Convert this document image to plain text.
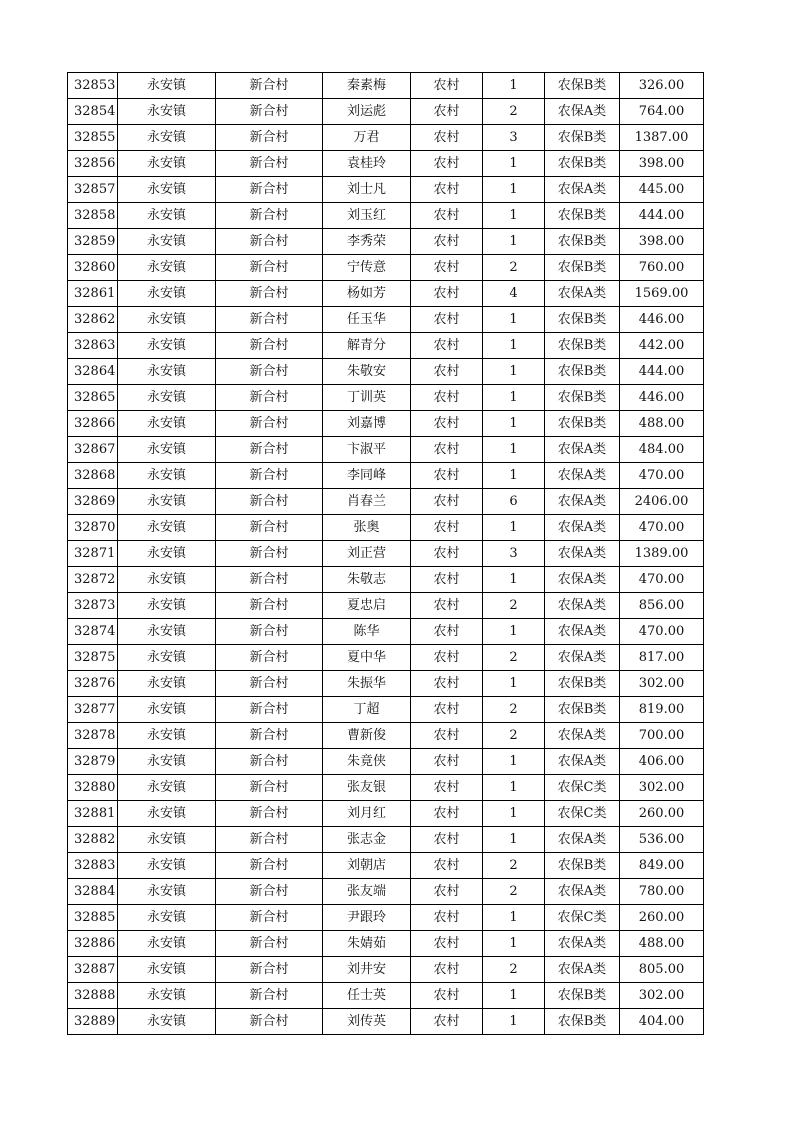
32853	永安镇	新合村	秦素梅	农村	1	农保B类	326.00
32854	永安镇	新合村	刘运彪	农村	2	农保A类	764.00
32855	永安镇	新合村	万君	农村	3	农保B类	1387.00
32856	永安镇	新合村	袁桂玲	农村	1	农保B类	398.00
32857	永安镇	新合村	刘士凡	农村	1	农保A类	445.00
32858	永安镇	新合村	刘玉红	农村	1	农保B类	444.00
32859	永安镇	新合村	李秀荣	农村	1	农保B类	398.00
32860	永安镇	新合村	宁传意	农村	2	农保B类	760.00
32861	永安镇	新合村	杨如芳	农村	4	农保A类	1569.00
32862	永安镇	新合村	任玉华	农村	1	农保B类	446.00
32863	永安镇	新合村	解青分	农村	1	农保B类	442.00
32864	永安镇	新合村	朱敬安	农村	1	农保B类	444.00
32865	永安镇	新合村	丁训英	农村	1	农保B类	446.00
32866	永安镇	新合村	刘嘉博	农村	1	农保B类	488.00
32867	永安镇	新合村	卞淑平	农村	1	农保A类	484.00
32868	永安镇	新合村	李同峰	农村	1	农保A类	470.00
32869	永安镇	新合村	肖春兰	农村	6	农保A类	2406.00
32870	永安镇	新合村	张奥	农村	1	农保A类	470.00
32871	永安镇	新合村	刘正营	农村	3	农保A类	1389.00
32872	永安镇	新合村	朱敬志	农村	1	农保A类	470.00
32873	永安镇	新合村	夏忠启	农村	2	农保A类	856.00
32874	永安镇	新合村	陈华	农村	1	农保A类	470.00
32875	永安镇	新合村	夏中华	农村	2	农保A类	817.00
32876	永安镇	新合村	朱振华	农村	1	农保B类	302.00
32877	永安镇	新合村	丁超	农村	2	农保B类	819.00
32878	永安镇	新合村	曹新俊	农村	2	农保A类	700.00
32879	永安镇	新合村	朱竟侠	农村	1	农保A类	406.00
32880	永安镇	新合村	张友银	农村	1	农保C类	302.00
32881	永安镇	新合村	刘月红	农村	1	农保C类	260.00
32882	永安镇	新合村	张志金	农村	1	农保A类	536.00
32883	永安镇	新合村	刘朝店	农村	2	农保B类	849.00
32884	永安镇	新合村	张友端	农村	2	农保A类	780.00
32885	永安镇	新合村	尹跟玲	农村	1	农保C类	260.00
32886	永安镇	新合村	朱婧茹	农村	1	农保A类	488.00
32887	永安镇	新合村	刘井安	农村	2	农保A类	805.00
32888	永安镇	新合村	任士英	农村	1	农保B类	302.00
32889	永安镇	新合村	刘传英	农村	1	农保B类	404.00
